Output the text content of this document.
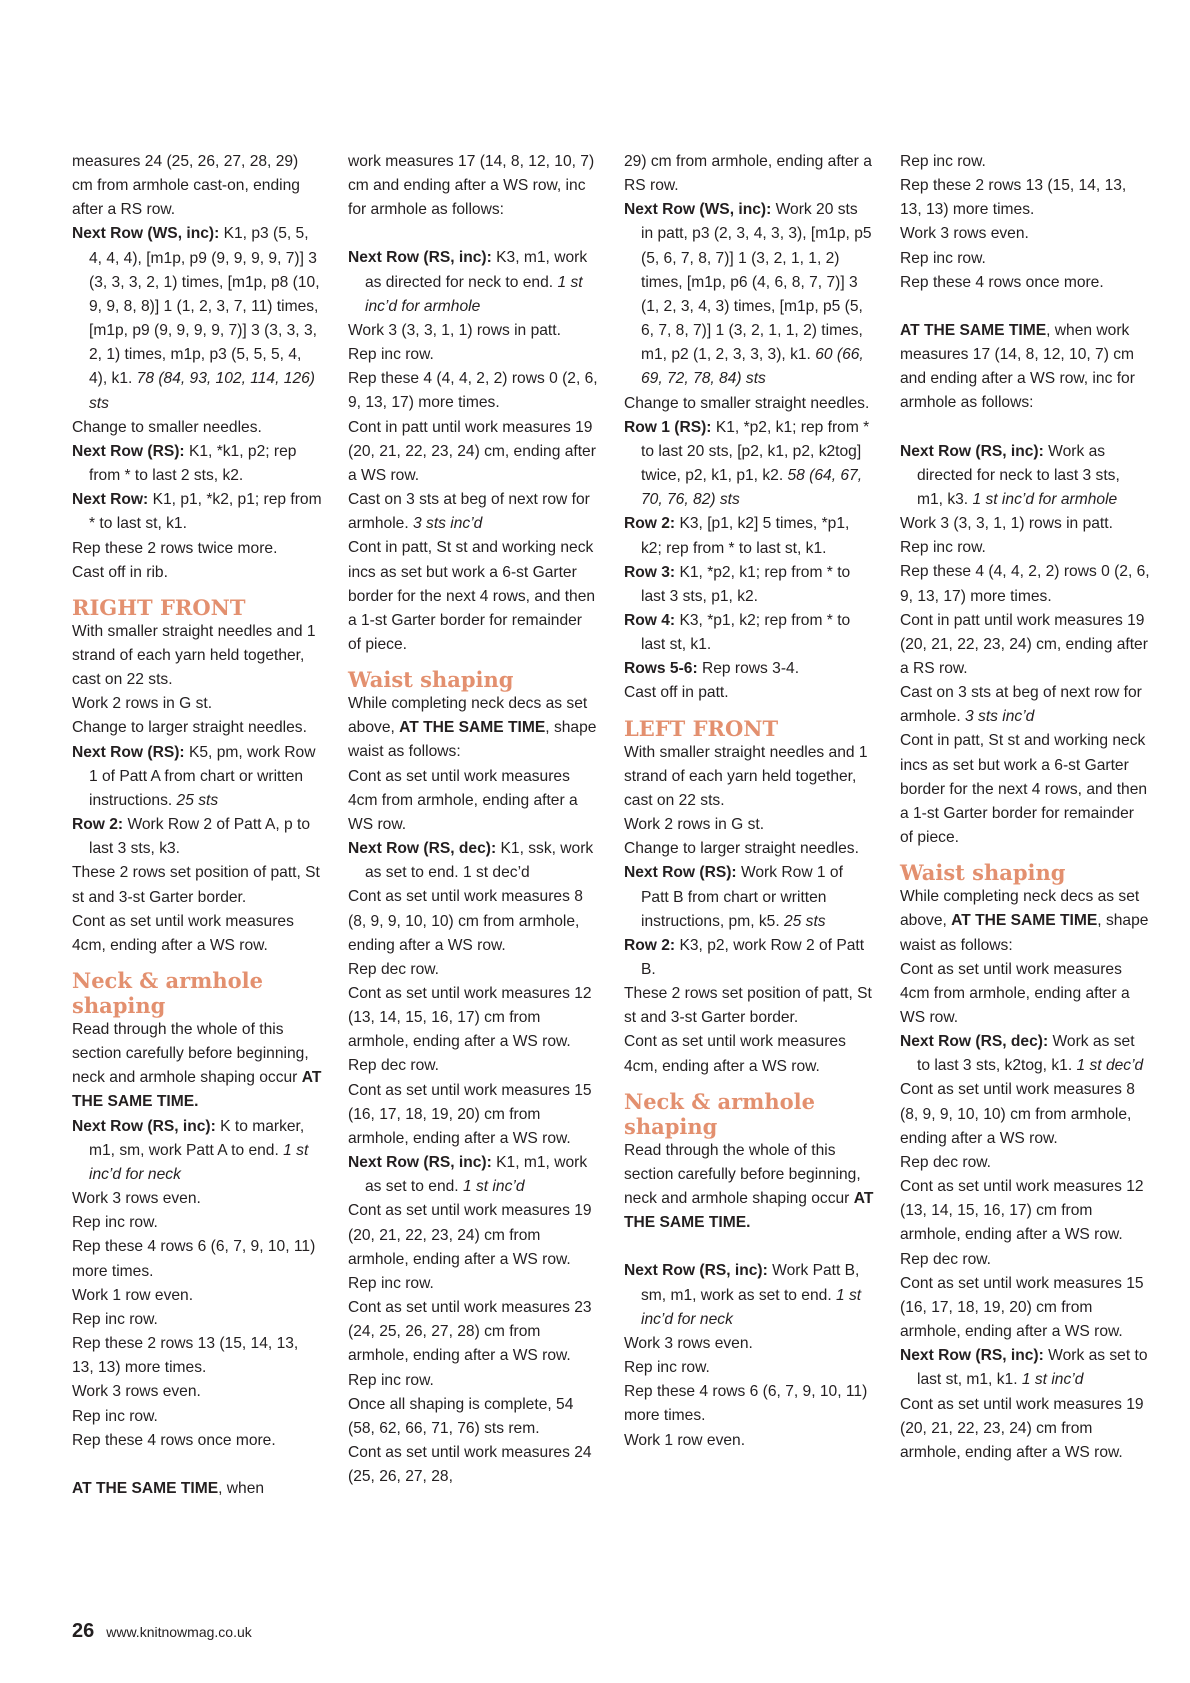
measures 24 (25, 26, 27, 28, 29) cm from armhole cast-on, ending after a RS row.

Next Row (WS, inc): K1, p3 (5, 5, 4, 4, 4), [m1p, p9 (9, 9, 9, 9, 7)] 3 (3, 3, 3, 2, 1) times, [m1p, p8 (10, 9, 9, 8, 8)] 1 (1, 2, 3, 7, 11) times, [m1p, p9 (9, 9, 9, 9, 7)] 3 (3, 3, 3, 2, 1) times, m1p, p3 (5, 5, 5, 4, 4), k1. 78 (84, 93, 102, 114, 126) sts

Change to smaller needles.

Next Row (RS): K1, *k1, p2; rep from * to last 2 sts, k2.

Next Row: K1, p1, *k2, p1; rep from * to last st, k1.

Rep these 2 rows twice more.

Cast off in rib.

RIGHT FRONT

With smaller straight needles and 1 strand of each yarn held together, cast on 22 sts.

Work 2 rows in G st.

Change to larger straight needles.

Next Row (RS): K5, pm, work Row 1 of Patt A from chart or written instructions. 25 sts

Row 2: Work Row 2 of Patt A, p to last 3 sts, k3.

These 2 rows set position of patt, St st and 3-st Garter border.

Cont as set until work measures 4cm, ending after a WS row.

Neck & armhole shaping

Read through the whole of this section carefully before beginning, neck and armhole shaping occur AT THE SAME TIME.

Next Row (RS, inc): K to marker, m1, sm, work Patt A to end. 1 st inc’d for neck

Work 3 rows even.

Rep inc row.

Rep these 4 rows 6 (6, 7, 9, 10, 11) more times.

Work 1 row even.

Rep inc row.

Rep these 2 rows 13 (15, 14, 13, 13, 13) more times.

Work 3 rows even.

Rep inc row.

Rep these 4 rows once more.

AT THE SAME TIME, when

work measures 17 (14, 8, 12, 10, 7) cm and ending after a WS row, inc for armhole as follows:

Next Row (RS, inc): K3, m1, work as directed for neck to end. 1 st inc’d for armhole

Work 3 (3, 3, 1, 1) rows in patt.

Rep inc row.

Rep these 4 (4, 4, 2, 2) rows 0 (2, 6, 9, 13, 17) more times.

Cont in patt until work measures 19 (20, 21, 22, 23, 24) cm, ending after a WS row.

Cast on 3 sts at beg of next row for armhole. 3 sts inc’d

Cont in patt, St st and working neck incs as set but work a 6-st Garter border for the next 4 rows, and then a 1-st Garter border for remainder of piece.

Waist shaping

While completing neck decs as set above, AT THE SAME TIME, shape waist as follows:

Cont as set until work measures 4cm from armhole, ending after a WS row.

Next Row (RS, dec): K1, ssk, work as set to end. 1 st dec’d

Cont as set until work measures 8 (8, 9, 9, 10, 10) cm from armhole, ending after a WS row.

Rep dec row.

Cont as set until work measures 12 (13, 14, 15, 16, 17) cm from armhole, ending after a WS row.

Rep dec row.

Cont as set until work measures 15 (16, 17, 18, 19, 20) cm from armhole, ending after a WS row.

Next Row (RS, inc): K1, m1, work as set to end. 1 st inc’d

Cont as set until work measures 19 (20, 21, 22, 23, 24) cm from armhole, ending after a WS row.

Rep inc row.

Cont as set until work measures 23 (24, 25, 26, 27, 28) cm from armhole, ending after a WS row.

Rep inc row.

Once all shaping is complete, 54 (58, 62, 66, 71, 76) sts rem.

Cont as set until work measures 24 (25, 26, 27, 28,

29) cm from armhole, ending after a RS row.

Next Row (WS, inc): Work 20 sts in patt, p3 (2, 3, 4, 3, 3), [m1p, p5 (5, 6, 7, 8, 7)] 1 (3, 2, 1, 1, 2) times, [m1p, p6 (4, 6, 8, 7, 7)] 3 (1, 2, 3, 4, 3) times, [m1p, p5 (5, 6, 7, 8, 7)] 1 (3, 2, 1, 1, 2) times, m1, p2 (1, 2, 3, 3, 3), k1. 60 (66, 69, 72, 78, 84) sts

Change to smaller straight needles.

Row 1 (RS): K1, *p2, k1; rep from * to last 20 sts, [p2, k1, p2, k2tog] twice, p2, k1, p1, k2. 58 (64, 67, 70, 76, 82) sts

Row 2: K3, [p1, k2] 5 times, *p1, k2; rep from * to last st, k1.

Row 3: K1, *p2, k1; rep from * to last 3 sts, p1, k2.

Row 4: K3, *p1, k2; rep from * to last st, k1.

Rows 5-6: Rep rows 3-4.

Cast off in patt.

LEFT FRONT

With smaller straight needles and 1 strand of each yarn held together, cast on 22 sts.

Work 2 rows in G st.

Change to larger straight needles.

Next Row (RS): Work Row 1 of Patt B from chart or written instructions, pm, k5. 25 sts

Row 2: K3, p2, work Row 2 of Patt B.

These 2 rows set position of patt, St st and 3-st Garter border.

Cont as set until work measures 4cm, ending after a WS row.

Neck & armhole shaping

Read through the whole of this section carefully before beginning, neck and armhole shaping occur AT THE SAME TIME.

Next Row (RS, inc): Work Patt B, sm, m1, work as set to end. 1 st inc’d for neck

Work 3 rows even.

Rep inc row.

Rep these 4 rows 6 (6, 7, 9, 10, 11) more times.

Work 1 row even.

Rep inc row.

Rep these 2 rows 13 (15, 14, 13, 13, 13) more times.

Work 3 rows even.

Rep inc row.

Rep these 4 rows once more.

AT THE SAME TIME, when work measures 17 (14, 8, 12, 10, 7) cm and ending after a WS row, inc for armhole as follows:

Next Row (RS, inc): Work as directed for neck to last 3 sts, m1, k3. 1 st inc’d for armhole

Work 3 (3, 3, 1, 1) rows in patt.

Rep inc row.

Rep these 4 (4, 4, 2, 2) rows 0 (2, 6, 9, 13, 17) more times.

Cont in patt until work measures 19 (20, 21, 22, 23, 24) cm, ending after a RS row.

Cast on 3 sts at beg of next row for armhole. 3 sts inc’d

Cont in patt, St st and working neck incs as set but work a 6-st Garter border for the next 4 rows, and then a 1-st Garter border for remainder of piece.

Waist shaping

While completing neck decs as set above, AT THE SAME TIME, shape waist as follows:

Cont as set until work measures 4cm from armhole, ending after a WS row.

Next Row (RS, dec): Work as set to last 3 sts, k2tog, k1. 1 st dec’d

Cont as set until work measures 8 (8, 9, 9, 10, 10) cm from armhole, ending after a WS row.

Rep dec row.

Cont as set until work measures 12 (13, 14, 15, 16, 17) cm from armhole, ending after a WS row.

Rep dec row.

Cont as set until work measures 15 (16, 17, 18, 19, 20) cm from armhole, ending after a WS row.

Next Row (RS, inc): Work as set to last st, m1, k1. 1 st inc’d

Cont as set until work measures 19 (20, 21, 22, 23, 24) cm from armhole, ending after a WS row.

26 www.knitnowmag.co.uk
